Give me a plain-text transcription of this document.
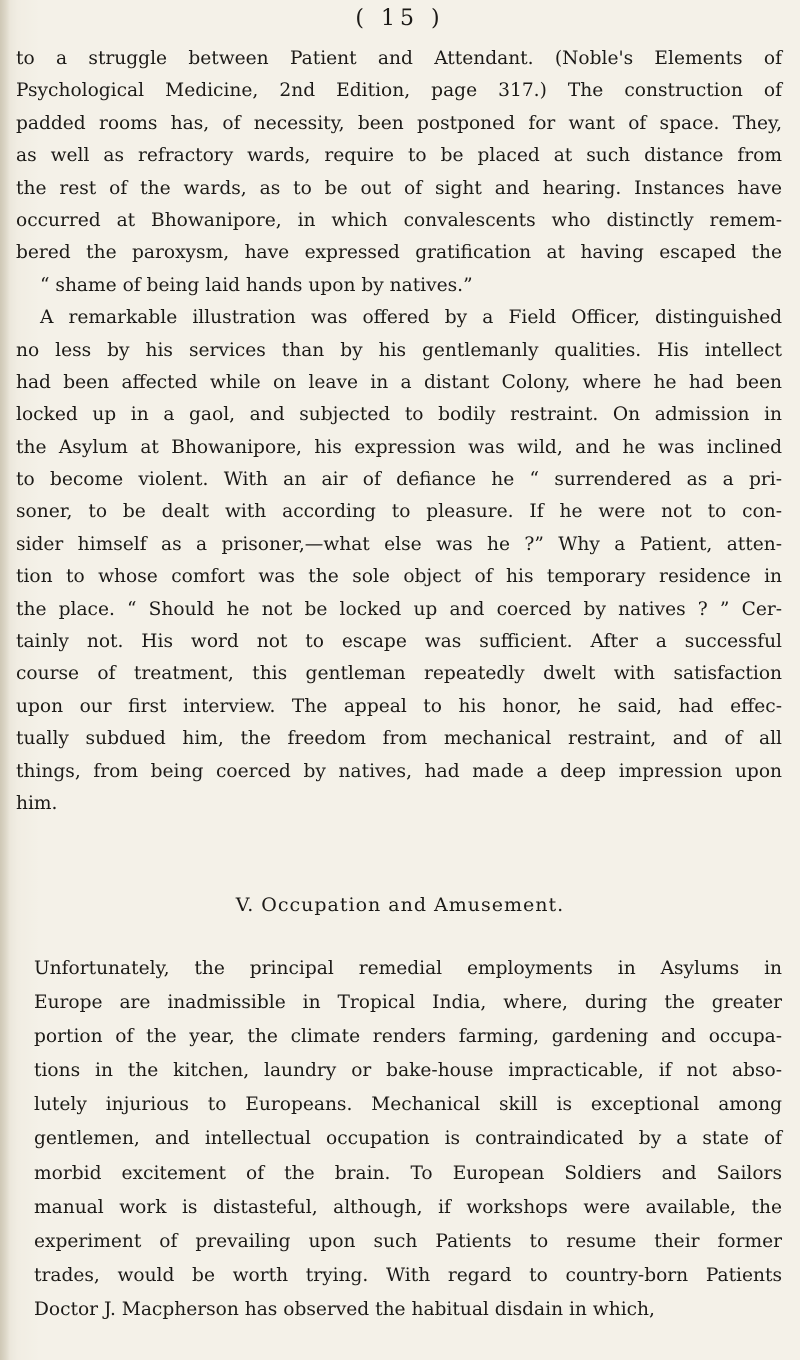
( 15 )
to a struggle between Patient and Attendant. (Noble's Elements of
Psychological Medicine, 2nd Edition, page 317.) The construction of
padded rooms has, of necessity, been postponed for want of space. They,
as well as refractory wards, require to be placed at such distance from
the rest of the wards, as to be out of sight and hearing. Instances have
occurred at Bhowanipore, in which convalescents who distinctly remem-
bered the paroxysm, have expressed gratification at having escaped the
“ shame of being laid hands upon by natives.”
A remarkable illustration was offered by a Field Officer, distinguished
no less by his services than by his gentlemanly qualities. His intellect
had been affected while on leave in a distant Colony, where he had been
locked up in a gaol, and subjected to bodily restraint. On admission in
the Asylum at Bhowanipore, his expression was wild, and he was inclined
to become violent. With an air of defiance he “ surrendered as a pri-
soner, to be dealt with according to pleasure. If he were not to con-
sider himself as a prisoner,—what else was he ?” Why a Patient, atten-
tion to whose comfort was the sole object of his temporary residence in
the place. “ Should he not be locked up and coerced by natives ? ” Cer-
tainly not. His word not to escape was sufficient. After a successful
course of treatment, this gentleman repeatedly dwelt with satisfaction
upon our first interview. The appeal to his honor, he said, had effec-
tually subdued him, the freedom from mechanical restraint, and of all
things, from being coerced by natives, had made a deep impression upon
him.
V. Occupation and Amusement.
Unfortunately, the principal remedial employments in Asylums in
Europe are inadmissible in Tropical India, where, during the greater
portion of the year, the climate renders farming, gardening and occupa-
tions in the kitchen, laundry or bake-house impracticable, if not abso-
lutely injurious to Europeans. Mechanical skill is exceptional among
gentlemen, and intellectual occupation is contraindicated by a state of
morbid excitement of the brain. To European Soldiers and Sailors
manual work is distasteful, although, if workshops were available, the
experiment of prevailing upon such Patients to resume their former
trades, would be worth trying. With regard to country-born Patients
Doctor J. Macpherson has observed the habitual disdain in which,
